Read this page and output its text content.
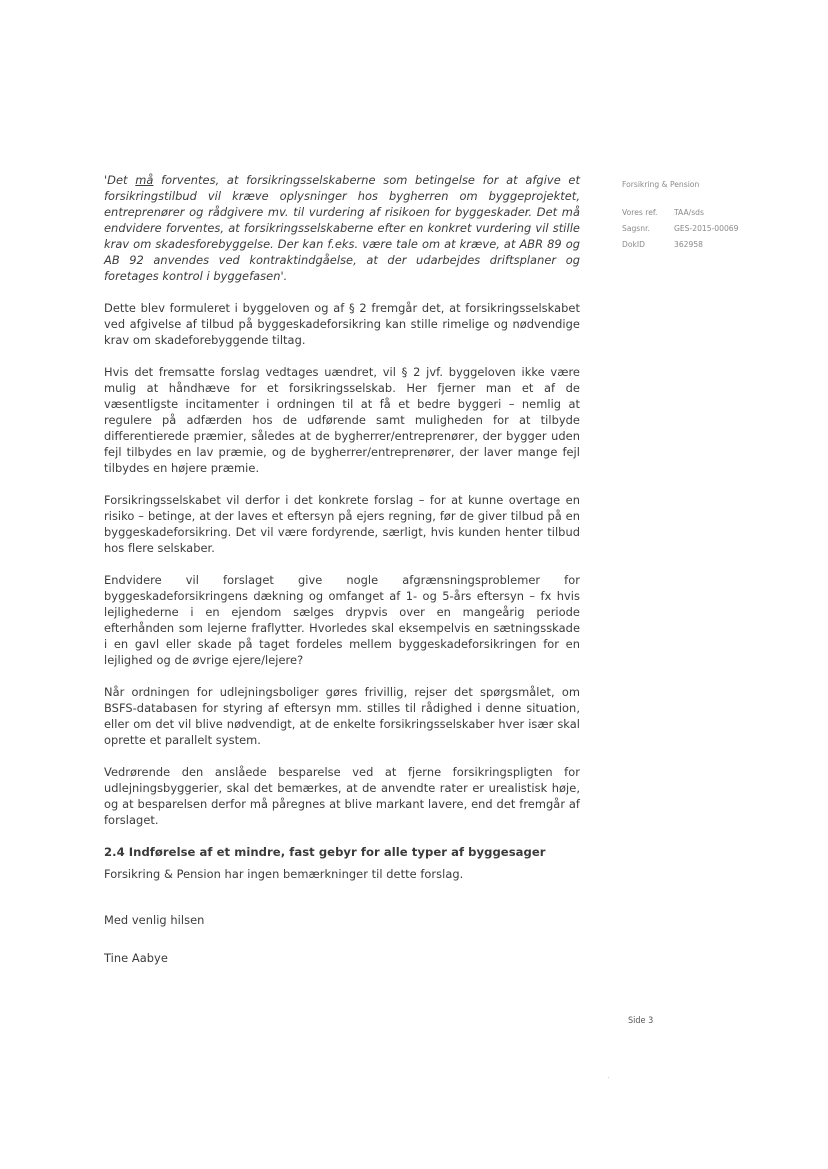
'Det må forventes, at forsikringsselskaberne som betingelse for at afgive et forsikringstilbud vil kræve oplysninger hos bygherren om byggeprojektet, entreprenører og rådgivere mv. til vurdering af risikoen for byggeskader. Det må endvidere forventes, at forsikringsselskaberne efter en konkret vurdering vil stille krav om skadesforebyggelse. Der kan f.eks. være tale om at kræve, at ABR 89 og AB 92 anvendes ved kontraktindgåelse, at der udarbejdes driftsplaner og foretages kontrol i byggefasen'.

Dette blev formuleret i byggeloven og af § 2 fremgår det, at forsikringsselskabet ved afgivelse af tilbud på byggeskadeforsikring kan stille rimelige og nødvendige krav om skadeforebyggende tiltag.

Hvis det fremsatte forslag vedtages uændret, vil § 2 jvf. byggeloven ikke være mulig at håndhæve for et forsikringsselskab. Her fjerner man et af de væsentligste incitamenter i ordningen til at få et bedre byggeri – nemlig at regulere på adfærden hos de udførende samt muligheden for at tilbyde differentierede præmier, således at de bygherrer/entreprenører, der bygger uden fejl tilbydes en lav præmie, og de bygherrer/entreprenører, der laver mange fejl tilbydes en højere præmie.

Forsikringsselskabet vil derfor i det konkrete forslag – for at kunne overtage en risiko – betinge, at der laves et eftersyn på ejers regning, før de giver tilbud på en byggeskadeforsikring. Det vil være fordyrende, særligt, hvis kunden henter tilbud hos flere selskaber.

Endvidere vil forslaget give nogle afgrænsningsproblemer for byggeskadeforsikringens dækning og omfanget af 1- og 5-års eftersyn – fx hvis lejlighederne i en ejendom sælges drypvis over en mangeårig periode efterhånden som lejerne fraflytter. Hvorledes skal eksempelvis en sætningsskade i en gavl eller skade på taget fordeles mellem byggeskadeforsikringen for en lejlighed og de øvrige ejere/lejere?

Når ordningen for udlejningsboliger gøres frivillig, rejser det spørgsmålet, om BSFS-databasen for styring af eftersyn mm. stilles til rådighed i denne situation, eller om det vil blive nødvendigt, at de enkelte forsikringsselskaber hver især skal oprette et parallelt system.

Vedrørende den anslåede besparelse ved at fjerne forsikringspligten for udlejningsbyggerier, skal det bemærkes, at de anvendte rater er urealistisk høje, og at besparelsen derfor må påregnes at blive markant lavere, end det fremgår af forslaget.

2.4 Indførelse af et mindre, fast gebyr for alle typer af byggesager

Forsikring & Pension har ingen bemærkninger til dette forslag.

Med venlig hilsen

Tine Aabye

Forsikring & Pension
Vores ref.	TAA/sds
Sagsnr.	GES-2015-00069
DokID	362958
Side 3
